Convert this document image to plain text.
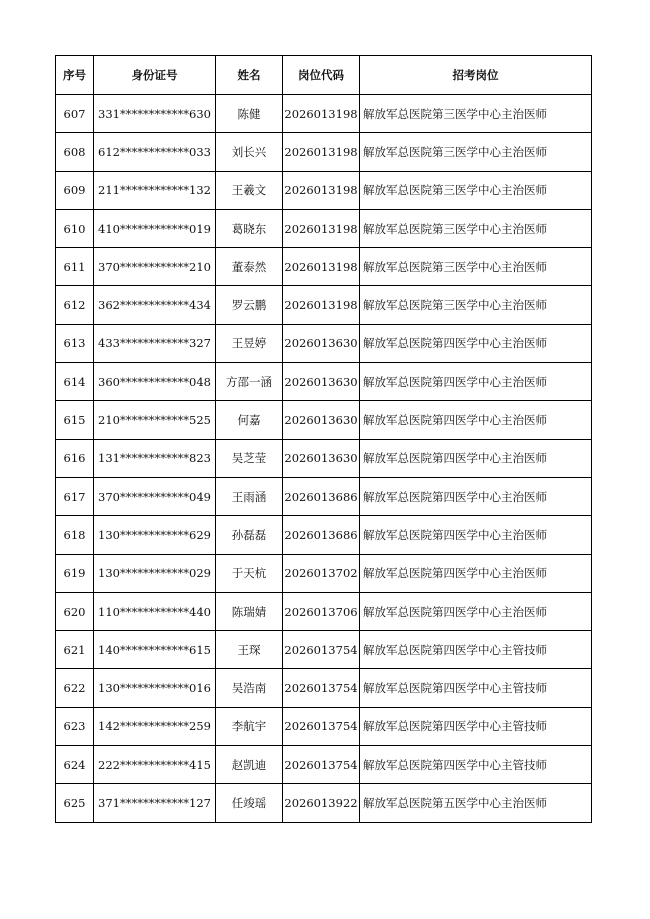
序号	身份证号	姓名	岗位代码	招考岗位
607	331************630	陈健	2026013198	解放军总医院第三医学中心主治医师
608	612************033	刘长兴	2026013198	解放军总医院第三医学中心主治医师
609	211************132	王羲文	2026013198	解放军总医院第三医学中心主治医师
610	410************019	葛晓东	2026013198	解放军总医院第三医学中心主治医师
611	370************210	董泰然	2026013198	解放军总医院第三医学中心主治医师
612	362************434	罗云鹏	2026013198	解放军总医院第三医学中心主治医师
613	433************327	王昱婷	2026013630	解放军总医院第四医学中心主治医师
614	360************048	方邵一涵	2026013630	解放军总医院第四医学中心主治医师
615	210************525	何嘉	2026013630	解放军总医院第四医学中心主治医师
616	131************823	吴芝莹	2026013630	解放军总医院第四医学中心主治医师
617	370************049	王雨涵	2026013686	解放军总医院第四医学中心主治医师
618	130************629	孙磊磊	2026013686	解放军总医院第四医学中心主治医师
619	130************029	于天杭	2026013702	解放军总医院第四医学中心主治医师
620	110************440	陈瑞婧	2026013706	解放军总医院第四医学中心主治医师
621	140************615	王琛	2026013754	解放军总医院第四医学中心主管技师
622	130************016	吴浩南	2026013754	解放军总医院第四医学中心主管技师
623	142************259	李航宇	2026013754	解放军总医院第四医学中心主管技师
624	222************415	赵凯迪	2026013754	解放军总医院第四医学中心主管技师
625	371************127	任竣瑶	2026013922	解放军总医院第五医学中心主治医师
